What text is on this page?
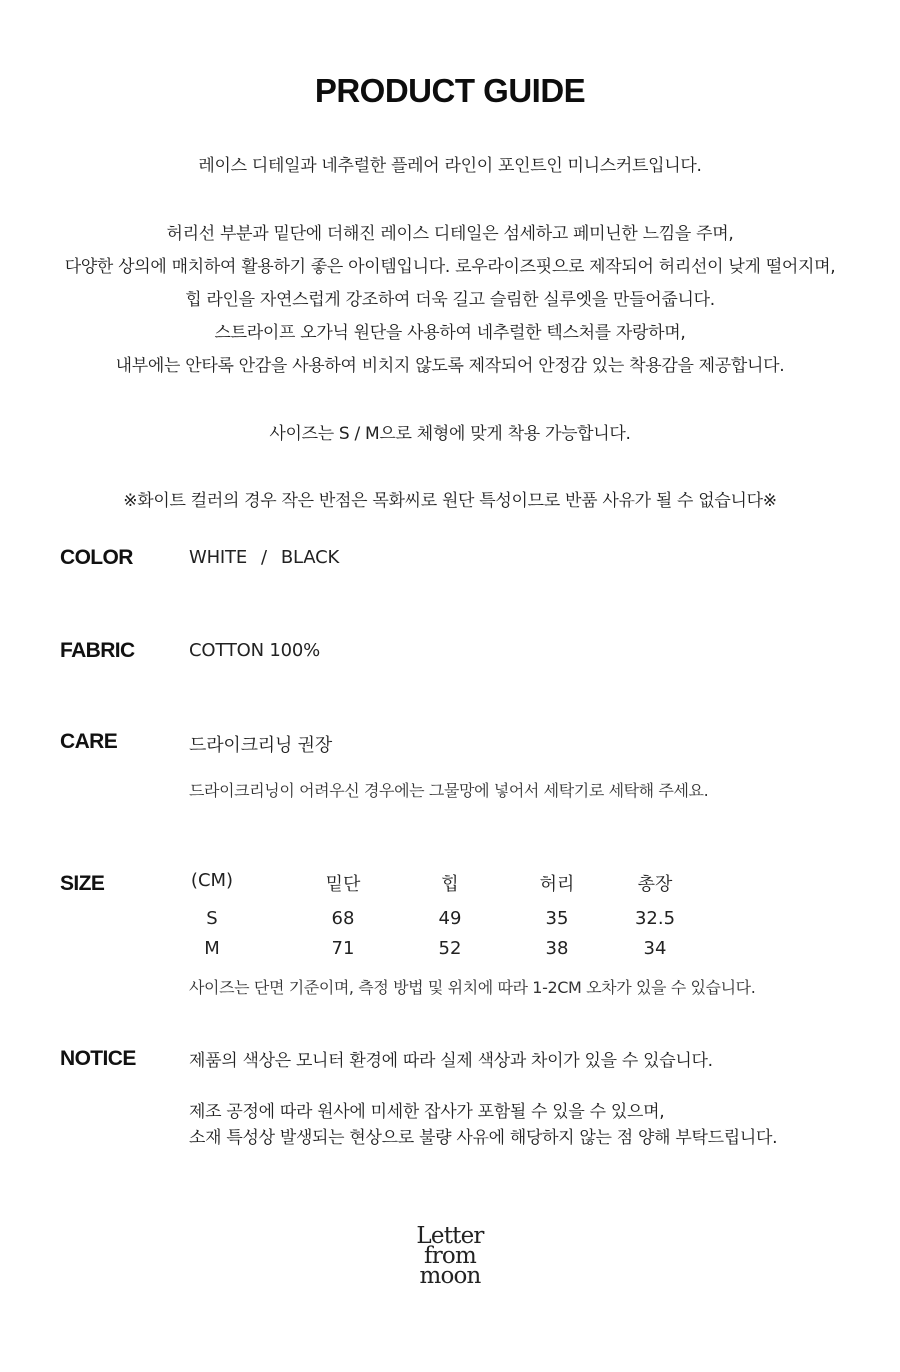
PRODUCT GUIDE

레이스 디테일과 네추럴한 플레어 라인이 포인트인 미니스커트입니다.

허리선 부분과 밑단에 더해진 레이스 디테일은 섬세하고 페미닌한 느낌을 주며,
다양한 상의에 매치하여 활용하기 좋은 아이템입니다. 로우라이즈핏으로 제작되어 허리선이 낮게 떨어지며,
힙 라인을 자연스럽게 강조하여 더욱 길고 슬림한 실루엣을 만들어줍니다.
스트라이프 오가닉 원단을 사용하여 네추럴한 텍스처를 자랑하며,
내부에는 안타록 안감을 사용하여 비치지 않도록 제작되어 안정감 있는 착용감을 제공합니다.

사이즈는 S / M으로 체형에 맞게 착용 가능합니다.

※화이트 컬러의 경우 작은 반점은 목화씨로 원단 특성이므로 반품 사유가 될 수 없습니다※

COLOR	WHITE / BLACK
FABRIC	COTTON 100%
CARE	드라이크리닝 권장
드라이크리닝이 어려우신 경우에는 그물망에 넣어서 세탁기로 세탁해 주세요.
SIZE	(CM)	밑단	힙	허리	총장
S	68	49	35	32.5
M	71	52	38	34
사이즈는 단면 기준이며, 측정 방법 및 위치에 따라 1-2CM 오차가 있을 수 있습니다.
NOTICE	제품의 색상은 모니터 환경에 따라 실제 색상과 차이가 있을 수 있습니다.
제조 공정에 따라 원사에 미세한 잡사가 포함될 수 있을 수 있으며,
소재 특성상 발생되는 현상으로 불량 사유에 해당하지 않는 점 양해 부탁드립니다.
Letter
from
moon
